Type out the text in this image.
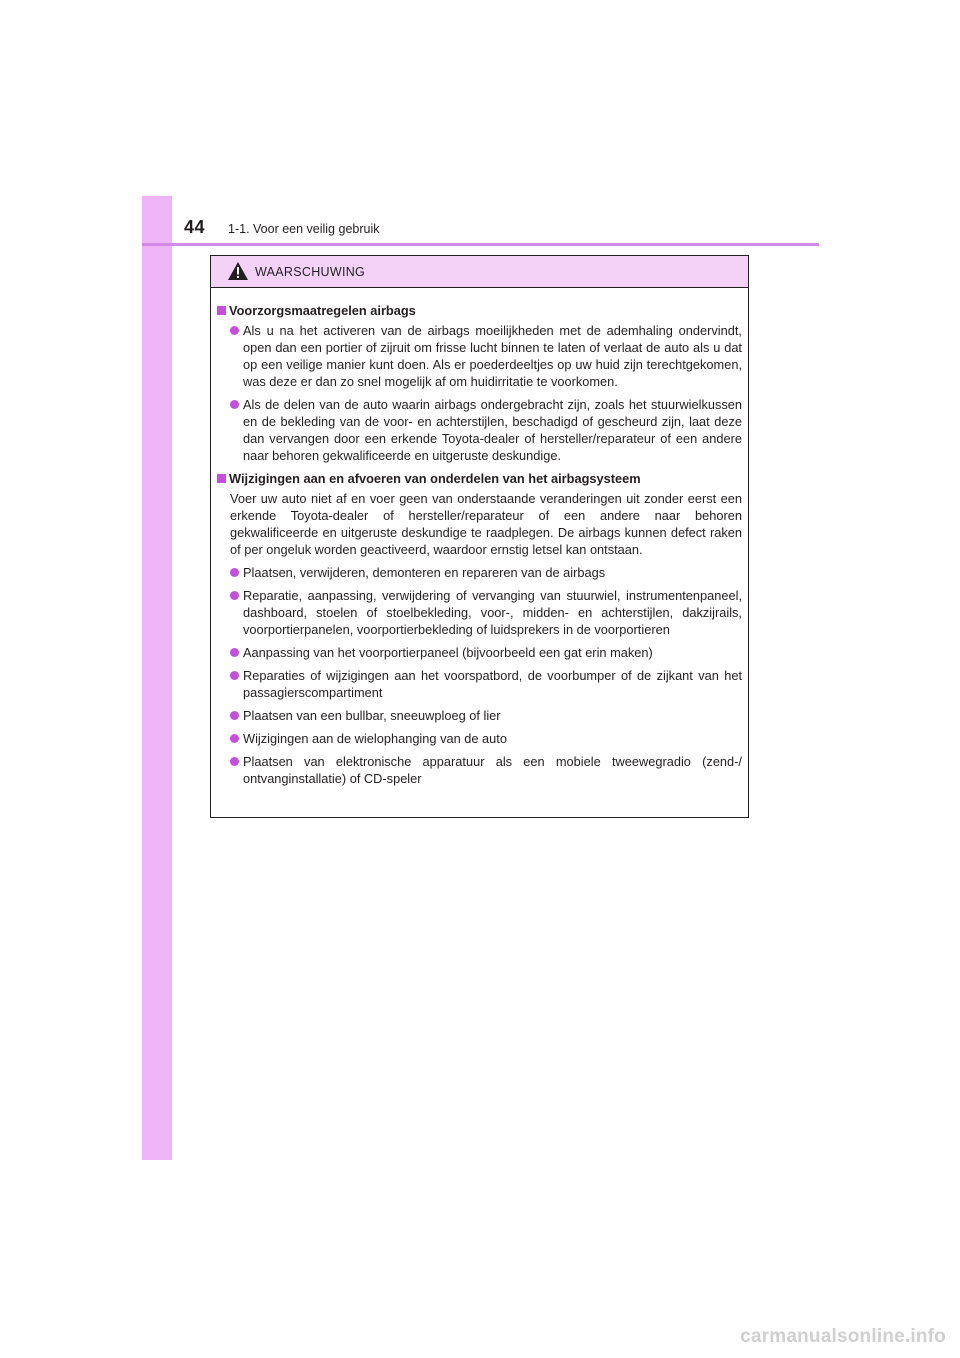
44 1-1. Voor een veilig gebruik
WAARSCHUWING
Voorzorgsmaatregelen airbags
Als u na het activeren van de airbags moeilijkheden met de ademhaling ondervindt, open dan een portier of zijruit om frisse lucht binnen te laten of verlaat de auto als u dat op een veilige manier kunt doen. Als er poederdeeltjes op uw huid zijn terechtgekomen, was deze er dan zo snel mogelijk af om huidirritatie te voorkomen.
Als de delen van de auto waarin airbags ondergebracht zijn, zoals het stuurwielkussen en de bekleding van de voor- en achterstijlen, beschadigd of gescheurd zijn, laat deze dan vervangen door een erkende Toyota-dealer of hersteller/reparateur of een andere naar behoren gekwalificeerde en uitgeruste deskundige.
Wijzigingen aan en afvoeren van onderdelen van het airbagsysteem
Voer uw auto niet af en voer geen van onderstaande veranderingen uit zonder eerst een erkende Toyota-dealer of hersteller/reparateur of een andere naar behoren gekwalificeerde en uitgeruste deskundige te raadplegen. De airbags kunnen defect raken of per ongeluk worden geactiveerd, waardoor ernstig letsel kan ontstaan.
Plaatsen, verwijderen, demonteren en repareren van de airbags
Reparatie, aanpassing, verwijdering of vervanging van stuurwiel, instrumentenpaneel, dashboard, stoelen of stoelbekleding, voor-, midden- en achterstijlen, dakzijrails, voorportierpanelen, voorportierbekleding of luidsprekers in de voorportieren
Aanpassing van het voorportierpaneel (bijvoorbeeld een gat erin maken)
Reparaties of wijzigingen aan het voorspatbord, de voorbumper of de zijkant van het passagierscompartiment
Plaatsen van een bullbar, sneeuwploeg of lier
Wijzigingen aan de wielophanging van de auto
Plaatsen van elektronische apparatuur als een mobiele tweewegradio (zend-/ ontvanginstallatie) of CD-speler
carmanualsonline.info
